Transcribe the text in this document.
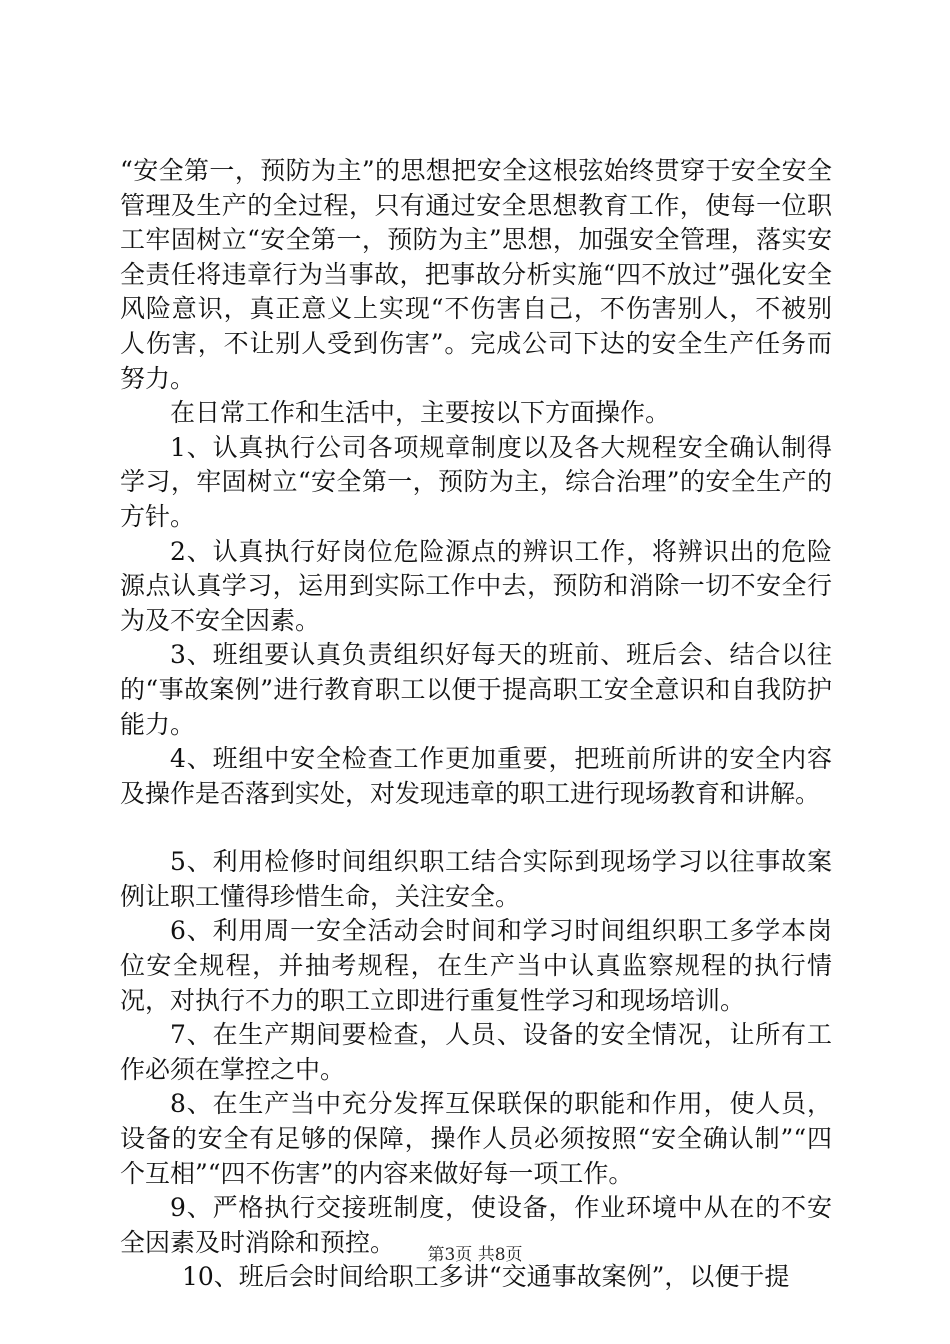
“安全第一，预防为主”的思想把安全这根弦始终贯穿于安全安全管理及生产的全过程，只有通过安全思想教育工作，使每一位职工牢固树立“安全第一，预防为主”思想，加强安全管理，落实安全责任将违章行为当事故，把事故分析实施“四不放过”强化安全风险意识，真正意义上实现“不伤害自己，不伤害别人，不被别人伤害，不让别人受到伤害”。完成公司下达的安全生产任务而努力。

在日常工作和生活中，主要按以下方面操作。

1、认真执行公司各项规章制度以及各大规程安全确认制得学习，牢固树立“安全第一，预防为主，综合治理”的安全生产的方针。

2、认真执行好岗位危险源点的辨识工作，将辨识出的危险源点认真学习，运用到实际工作中去，预防和消除一切不安全行为及不安全因素。

3、班组要认真负责组织好每天的班前、班后会、结合以往的“事故案例”进行教育职工以便于提高职工安全意识和自我防护能力。

4、班组中安全检查工作更加重要，把班前所讲的安全内容及操作是否落到实处，对发现违章的职工进行现场教育和讲解。

5、利用检修时间组织职工结合实际到现场学习以往事故案例让职工懂得珍惜生命，关注安全。

6、利用周一安全活动会时间和学习时间组织职工多学本岗位安全规程，并抽考规程，在生产当中认真监察规程的执行情况，对执行不力的职工立即进行重复性学习和现场培训。

7、在生产期间要检查，人员、设备的安全情况，让所有工作必须在掌控之中。

8、在生产当中充分发挥互保联保的职能和作用，使人员，设备的安全有足够的保障，操作人员必须按照“安全确认制”“四个互相”“四不伤害”的内容来做好每一项工作。

9、严格执行交接班制度，使设备，作业环境中从在的不安全因素及时消除和预控。

10、班后会时间给职工多讲“交通事故案例”，以便于提

第3页 共8页
